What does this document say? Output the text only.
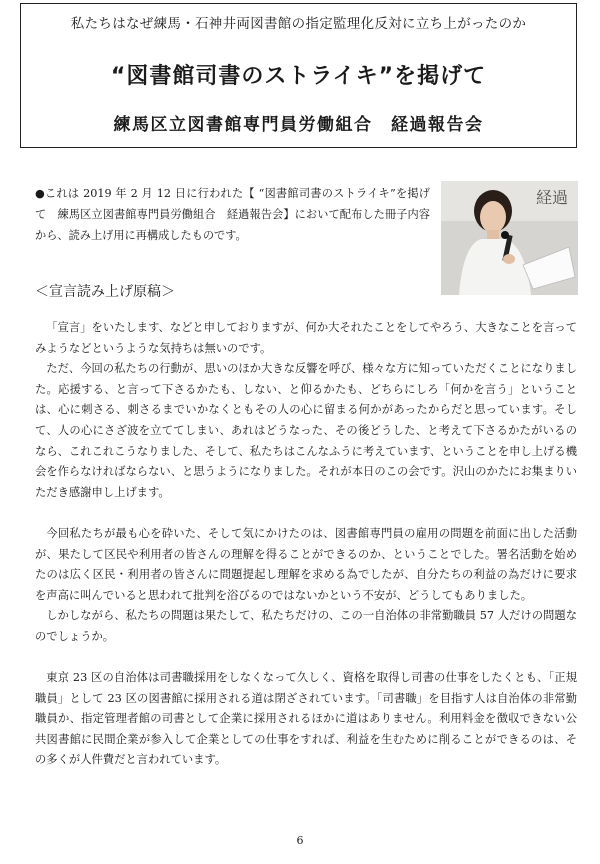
私たちはなぜ練馬・石神井両図書館の指定監理化反対に立ち上がったのか
“図書館司書のストライキ”を掲げて
練馬区立図書館専門員労働組合　経過報告会
●これは 2019 年 2 月 12 日に行われた【 “図書館司書のストライキ”を掲げて　練馬区立図書館専門員労働組合　経過報告会】において配布した冊子内容から、読み上げ用に再構成したものです。
経過
＜宣言読み上げ原稿＞

「宣言」をいたします、などと申しておりますが、何か大それたことをしてやろう、大きなことを言ってみようなどというような気持ちは無いのです。

ただ、今回の私たちの行動が、思いのほか大きな反響を呼び、様々な方に知っていただくことになりました。応援する、と言って下さるかたも、しない、と仰るかたも、どちらにしろ「何かを言う」ということは、心に刺さる、刺さるまでいかなくともその人の心に留まる何かがあったからだと思っています。そして、人の心にさざ波を立ててしまい、あれはどうなった、その後どうした、と考えて下さるかたがいるのなら、これこれこうなりました、そして、私たちはこんなふうに考えています、ということを申し上げる機会を作らなければならない、と思うようになりました。それが本日のこの会です。沢山のかたにお集まりいただき感謝申し上げます。

今回私たちが最も心を砕いた、そして気にかけたのは、図書館専門員の雇用の問題を前面に出した活動が、果たして区民や利用者の皆さんの理解を得ることができるのか、ということでした。署名活動を始めたのは広く区民・利用者の皆さんに問題提起し理解を求める為でしたが、自分たちの利益の為だけに要求を声高に叫んでいると思われて批判を浴びるのではないかという不安が、どうしてもありました。

しかしながら、私たちの問題は果たして、私たちだけの、この一自治体の非常勤職員 57 人だけの問題なのでしょうか。

東京 23 区の自治体は司書職採用をしなくなって久しく、資格を取得し司書の仕事をしたくとも、「正規職員」として 23 区の図書館に採用される道は閉ざされています。「司書職」を目指す人は自治体の非常勤職員か、指定管理者館の司書として企業に採用されるほかに道はありません。利用料金を徴収できない公共図書館に民間企業が参入して企業としての仕事をすれば、利益を生むために削ることができるのは、その多くが人件費だと言われています。

6
